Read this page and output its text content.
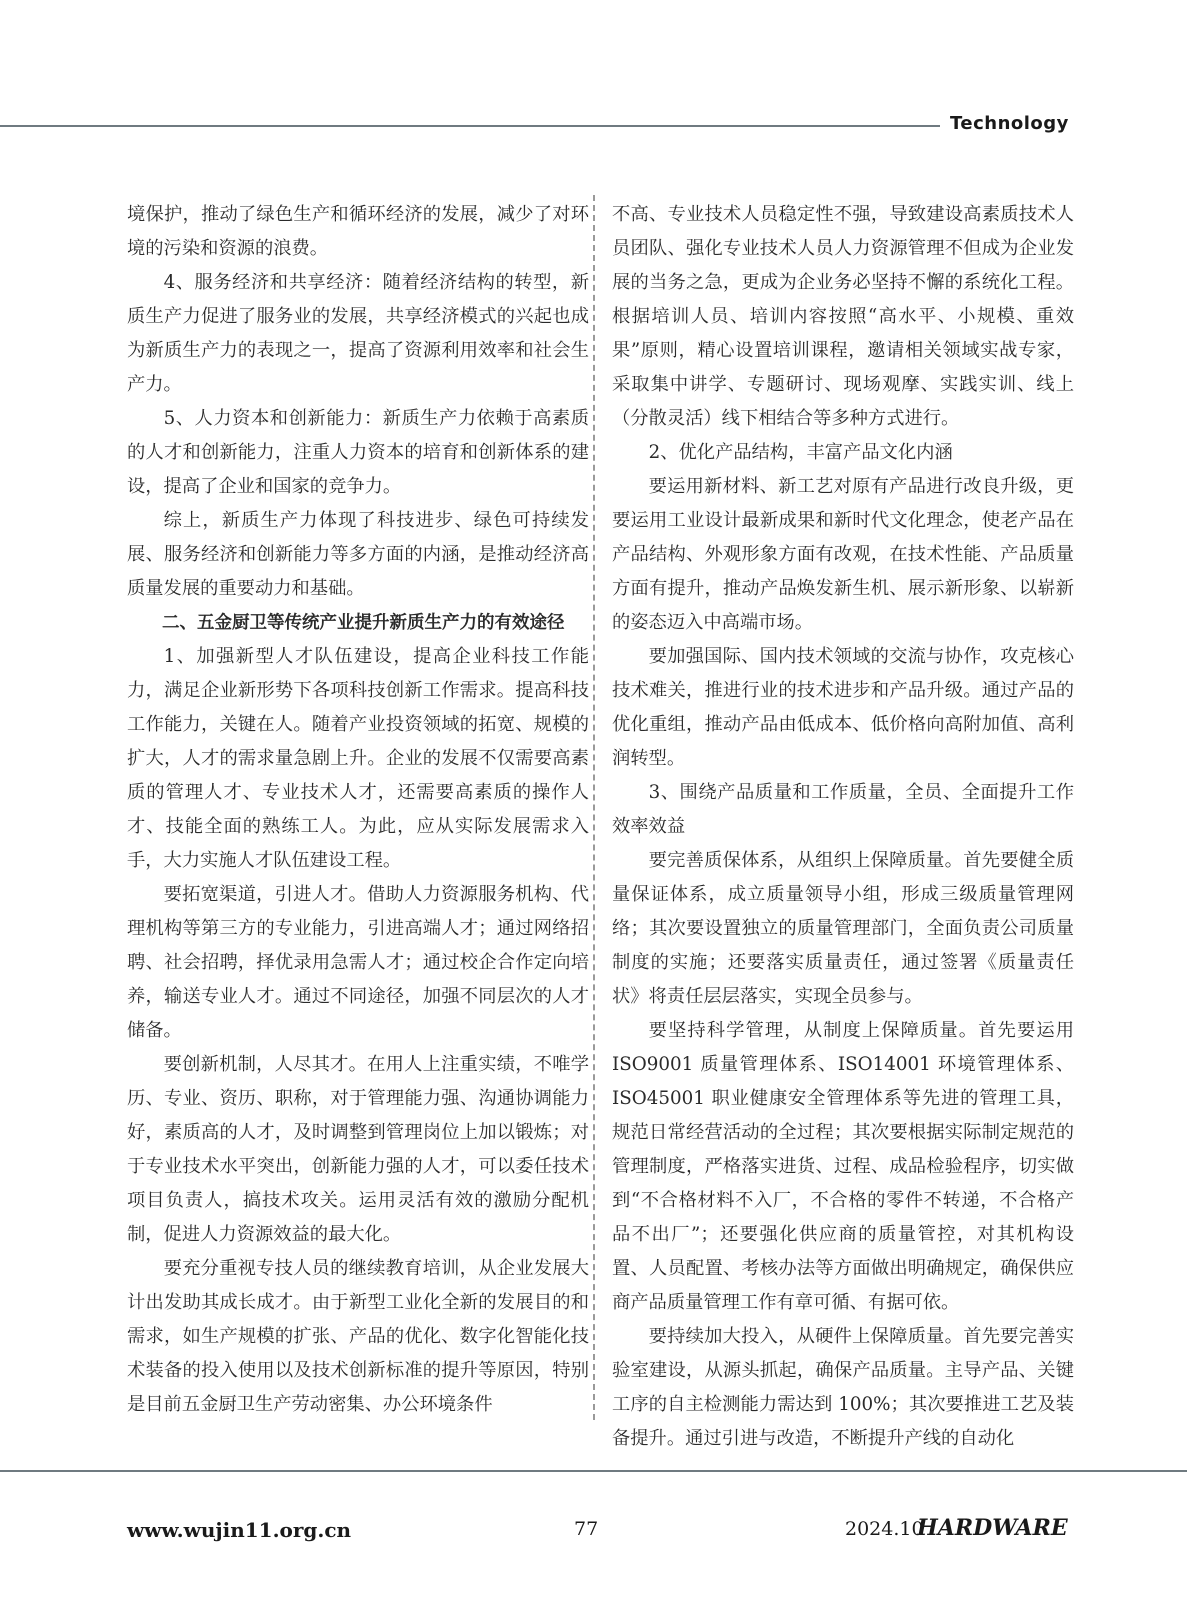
Technology

境保护，推动了绿色生产和循环经济的发展，减少了对环境的污染和资源的浪费。

4、服务经济和共享经济：随着经济结构的转型，新质生产力促进了服务业的发展，共享经济模式的兴起也成为新质生产力的表现之一，提高了资源利用效率和社会生产力。

5、人力资本和创新能力：新质生产力依赖于高素质的人才和创新能力，注重人力资本的培育和创新体系的建设，提高了企业和国家的竞争力。

综上，新质生产力体现了科技进步、绿色可持续发展、服务经济和创新能力等多方面的内涵，是推动经济高质量发展的重要动力和基础。

二、五金厨卫等传统产业提升新质生产力的有效途径

1、加强新型人才队伍建设，提高企业科技工作能力，满足企业新形势下各项科技创新工作需求。提高科技工作能力，关键在人。随着产业投资领域的拓宽、规模的扩大，人才的需求量急剧上升。企业的发展不仅需要高素质的管理人才、专业技术人才，还需要高素质的操作人才、技能全面的熟练工人。为此，应从实际发展需求入手，大力实施人才队伍建设工程。

要拓宽渠道，引进人才。借助人力资源服务机构、代理机构等第三方的专业能力，引进高端人才；通过网络招聘、社会招聘，择优录用急需人才；通过校企合作定向培养，输送专业人才。通过不同途径，加强不同层次的人才储备。

要创新机制，人尽其才。在用人上注重实绩，不唯学历、专业、资历、职称，对于管理能力强、沟通协调能力好，素质高的人才，及时调整到管理岗位上加以锻炼；对于专业技术水平突出，创新能力强的人才，可以委任技术项目负责人，搞技术攻关。运用灵活有效的激励分配机制，促进人力资源效益的最大化。

要充分重视专技人员的继续教育培训，从企业发展大计出发助其成长成才。由于新型工业化全新的发展目的和需求，如生产规模的扩张、产品的优化、数字化智能化技术装备的投入使用以及技术创新标准的提升等原因，特别是目前五金厨卫生产劳动密集、办公环境条件

不高、专业技术人员稳定性不强，导致建设高素质技术人员团队、强化专业技术人员人力资源管理不但成为企业发展的当务之急，更成为企业务必坚持不懈的系统化工程。根据培训人员、培训内容按照“高水平、小规模、重效果”原则，精心设置培训课程，邀请相关领域实战专家，采取集中讲学、专题研讨、现场观摩、实践实训、线上（分散灵活）线下相结合等多种方式进行。

2、优化产品结构，丰富产品文化内涵

要运用新材料、新工艺对原有产品进行改良升级，更要运用工业设计最新成果和新时代文化理念，使老产品在产品结构、外观形象方面有改观，在技术性能、产品质量方面有提升，推动产品焕发新生机、展示新形象、以崭新的姿态迈入中高端市场。

要加强国际、国内技术领域的交流与协作，攻克核心技术难关，推进行业的技术进步和产品升级。通过产品的优化重组，推动产品由低成本、低价格向高附加值、高利润转型。

3、围绕产品质量和工作质量，全员、全面提升工作效率效益

要完善质保体系，从组织上保障质量。首先要健全质量保证体系，成立质量领导小组，形成三级质量管理网络；其次要设置独立的质量管理部门，全面负责公司质量制度的实施；还要落实质量责任，通过签署《质量责任状》将责任层层落实，实现全员参与。

要坚持科学管理，从制度上保障质量。首先要运用 ISO9001 质量管理体系、ISO14001 环境管理体系、ISO45001 职业健康安全管理体系等先进的管理工具，规范日常经营活动的全过程；其次要根据实际制定规范的管理制度，严格落实进货、过程、成品检验程序，切实做到“不合格材料不入厂，不合格的零件不转递，不合格产品不出厂”；还要强化供应商的质量管控，对其机构设置、人员配置、考核办法等方面做出明确规定，确保供应商产品质量管理工作有章可循、有据可依。

要持续加大投入，从硬件上保障质量。首先要完善实验室建设，从源头抓起，确保产品质量。主导产品、关键工序的自主检测能力需达到 100%；其次要推进工艺及装备提升。通过引进与改造，不断提升产线的自动化

www.wujin11.org.cn	77	2024.10
HARDWARE
